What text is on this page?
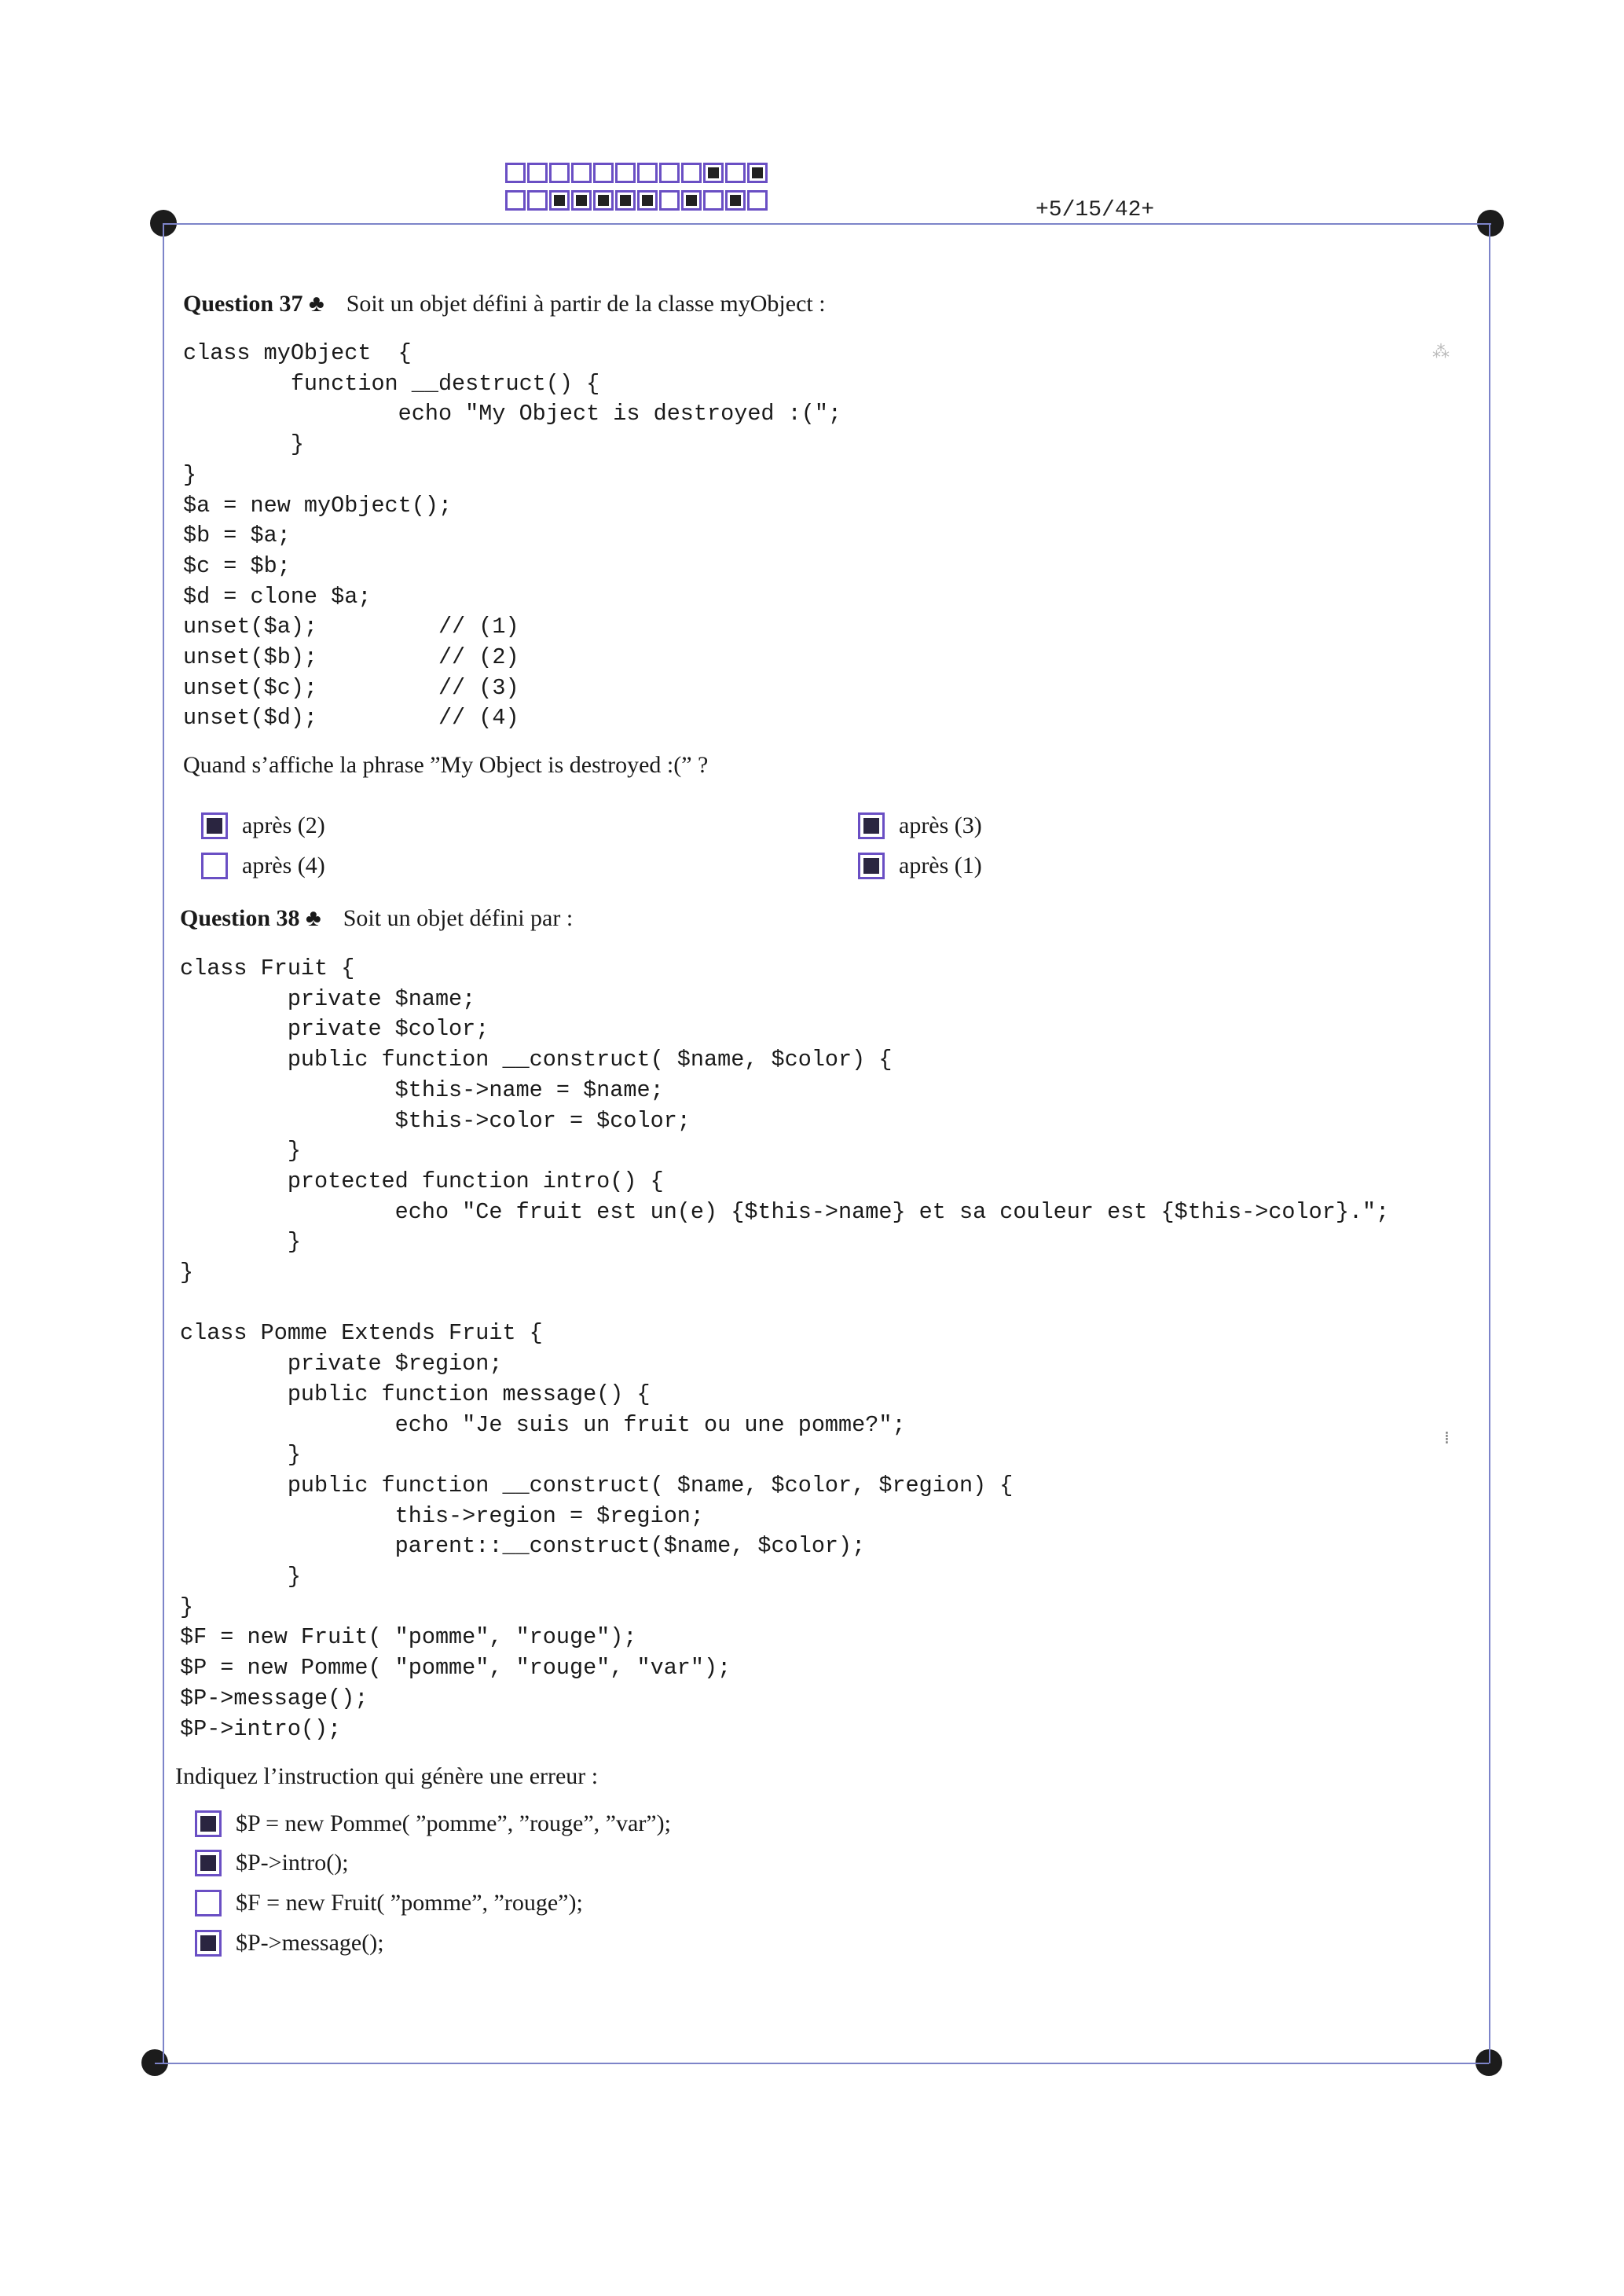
+5/15/42+
Question 37 ♣ Soit un objet défini à partir de la classe myObject :
class myObject  {
function __destruct() {
echo "My Object is destroyed :(";
}
}
$a = new myObject();
$b = $a;
$c = $b;
$d = clone $a;
unset($a);         // (1)
unset($b);         // (2)
unset($c);         // (3)
unset($d);         // (4)
Quand s’affiche la phrase ”My Object is destroyed :(” ?
après (2)
après (4)
après (3)
après (1)
Question 38 ♣ Soit un objet défini par :
class Fruit {
private $name;
private $color;
public function __construct( $name, $color) {
$this->name = $name;
$this->color = $color;
}
protected function intro() {
echo "Ce fruit est un(e) {$this->name} et sa couleur est {$this->color}.";
}
}

class Pomme Extends Fruit {
private $region;
public function message() {
echo "Je suis un fruit ou une pomme?";
}
public function __construct( $name, $color, $region) {
this->region = $region;
parent::__construct($name, $color);
}
}
$F = new Fruit( "pomme", "rouge");
$P = new Pomme( "pomme", "rouge", "var");
$P->message();
$P->intro();
Indiquez l’instruction qui génère une erreur :
$P = new Pomme( ”pomme”, ”rouge”, ”var”);
$P->intro();
$F = new Fruit( ”pomme”, ”rouge”);
$P->message();
⁂
⁞
